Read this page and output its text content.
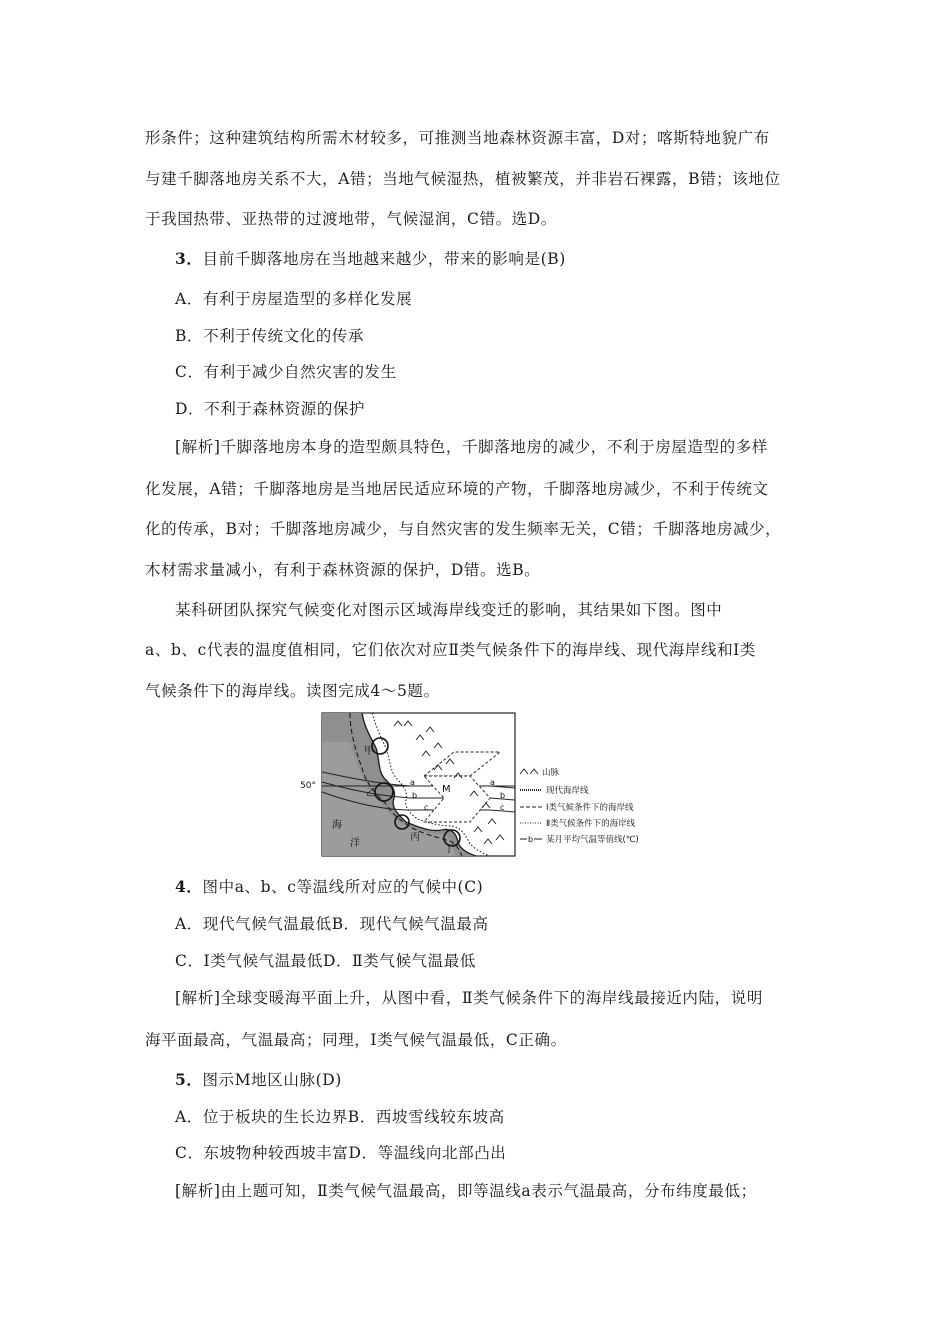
形条件；这种建筑结构所需木材较多，可推测当地森林资源丰富，D对；喀斯特地貌广布
与建千脚落地房关系不大，A错；当地气候湿热，植被繁茂，并非岩石裸露，B错；该地位
于我国热带、亚热带的过渡地带，气候湿润，C错。选D。
3．目前千脚落地房在当地越来越少，带来的影响是(B)
A．有利于房屋造型的多样化发展
B．不利于传统文化的传承
C．有利于减少自然灾害的发生
D．不利于森林资源的保护
[解析]千脚落地房本身的造型颇具特色，千脚落地房的减少，不利于房屋造型的多样
化发展，A错；千脚落地房是当地居民适应环境的产物，千脚落地房减少，不利于传统文
化的传承，B对；千脚落地房减少，与自然灾害的发生频率无关，C错；千脚落地房减少，
木材需求量减小，有利于森林资源的保护，D错。选B。
某科研团队探究气候变化对图示区域海岸线变迁的影响，其结果如下图。图中
a、b、c代表的温度值相同，它们依次对应Ⅱ类气候条件下的海岸线、现代海岸线和Ⅰ类
气候条件下的海岸线。读图完成4～5题。
50°
甲
乙
丙
丁
M
海
洋
a
b
c
a
b
c
山脉
现代海岸线
Ⅰ类气候条件下的海岸线
Ⅱ类气候条件下的海岸线
b 某月平均气温等值线(℃)
4．图中a、b、c等温线所对应的气候中(C)
A．现代气候气温最低B．现代气候气温最高
C．Ⅰ类气候气温最低D．Ⅱ类气候气温最低
[解析]全球变暖海平面上升，从图中看，Ⅱ类气候条件下的海岸线最接近内陆，说明
海平面最高，气温最高；同理，Ⅰ类气候气温最低，C正确。
5．图示M地区山脉(D)
A．位于板块的生长边界B．西坡雪线较东坡高
C．东坡物种较西坡丰富D．等温线向北部凸出
[解析]由上题可知，Ⅱ类气候气温最高，即等温线a表示气温最高，分布纬度最低；
